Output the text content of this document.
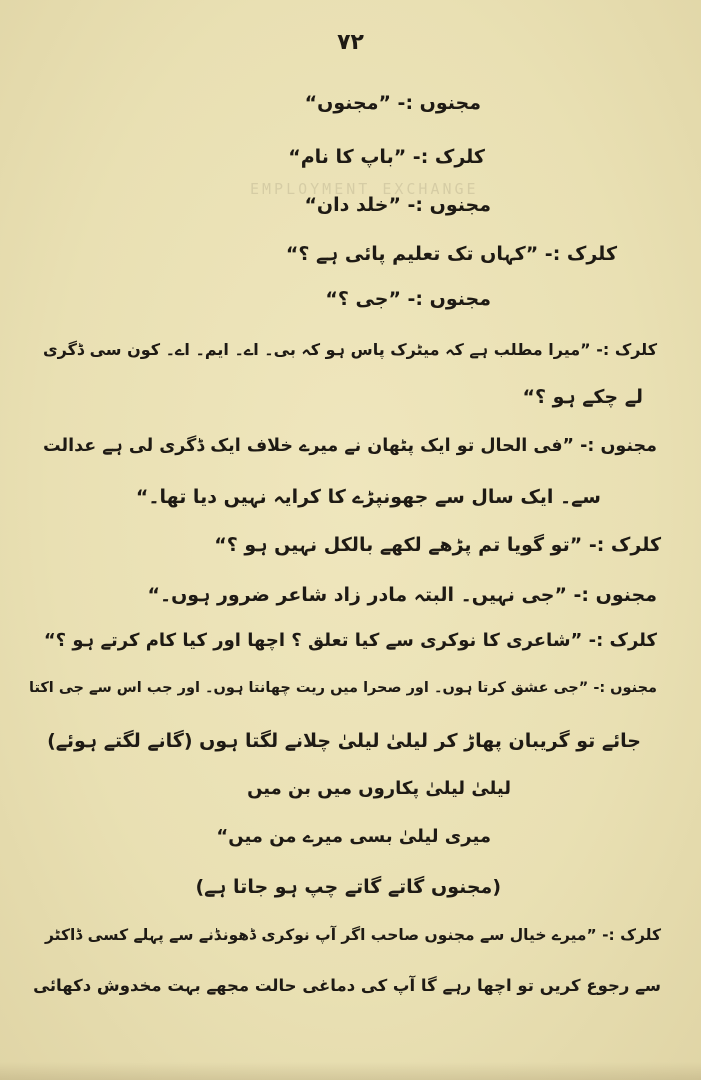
۷۲
EMPLOYMENT EXCHANGE
مجنوں :- ”مجنوں“
کلرک :- ”باپ کا نام“
مجنوں :- ”خلد دان“
کلرک :- ”کہاں تک تعلیم پائی ہے ؟“
مجنوں :- ”جی ؟“
کلرک :- ”میرا مطلب ہے کہ میٹرک پاس ہو کہ بی۔ اے۔ ایم۔ اے۔ کون سی ڈگری
لے چکے ہو ؟“
مجنوں :- ”فی الحال تو ایک پٹھان نے میرے خلاف ایک ڈگری لی ہے عدالت
سے۔ ایک سال سے جھونپڑے کا کرایہ نہیں دیا تھا۔“
کلرک :- ”تو گویا تم پڑھے لکھے بالکل نہیں ہو ؟“
مجنوں :- ”جی نہیں۔ البتہ مادر زاد شاعر ضرور ہوں۔“
کلرک :- ”شاعری کا نوکری سے کیا تعلق ؟ اچھا اور کیا کام کرتے ہو ؟“
مجنوں :- ”جی عشق کرتا ہوں۔ اور صحرا میں ریت چھانتا ہوں۔ اور جب اس سے جی اکتا
جائے تو گریبان پھاڑ کر لیلیٰ لیلیٰ چلانے لگتا ہوں (گانے لگتے ہوئے)
لیلیٰ لیلیٰ پکاروں میں بن میں
میری لیلیٰ بسی میرے من میں“
(مجنوں گاتے گاتے چپ ہو جاتا ہے)
کلرک :- ”میرے خیال سے مجنوں صاحب اگر آپ نوکری ڈھونڈنے سے پہلے کسی ڈاکٹر
سے رجوع کریں تو اچھا رہے گا آپ کی دماغی حالت مجھے بہت مخدوش دکھائی
